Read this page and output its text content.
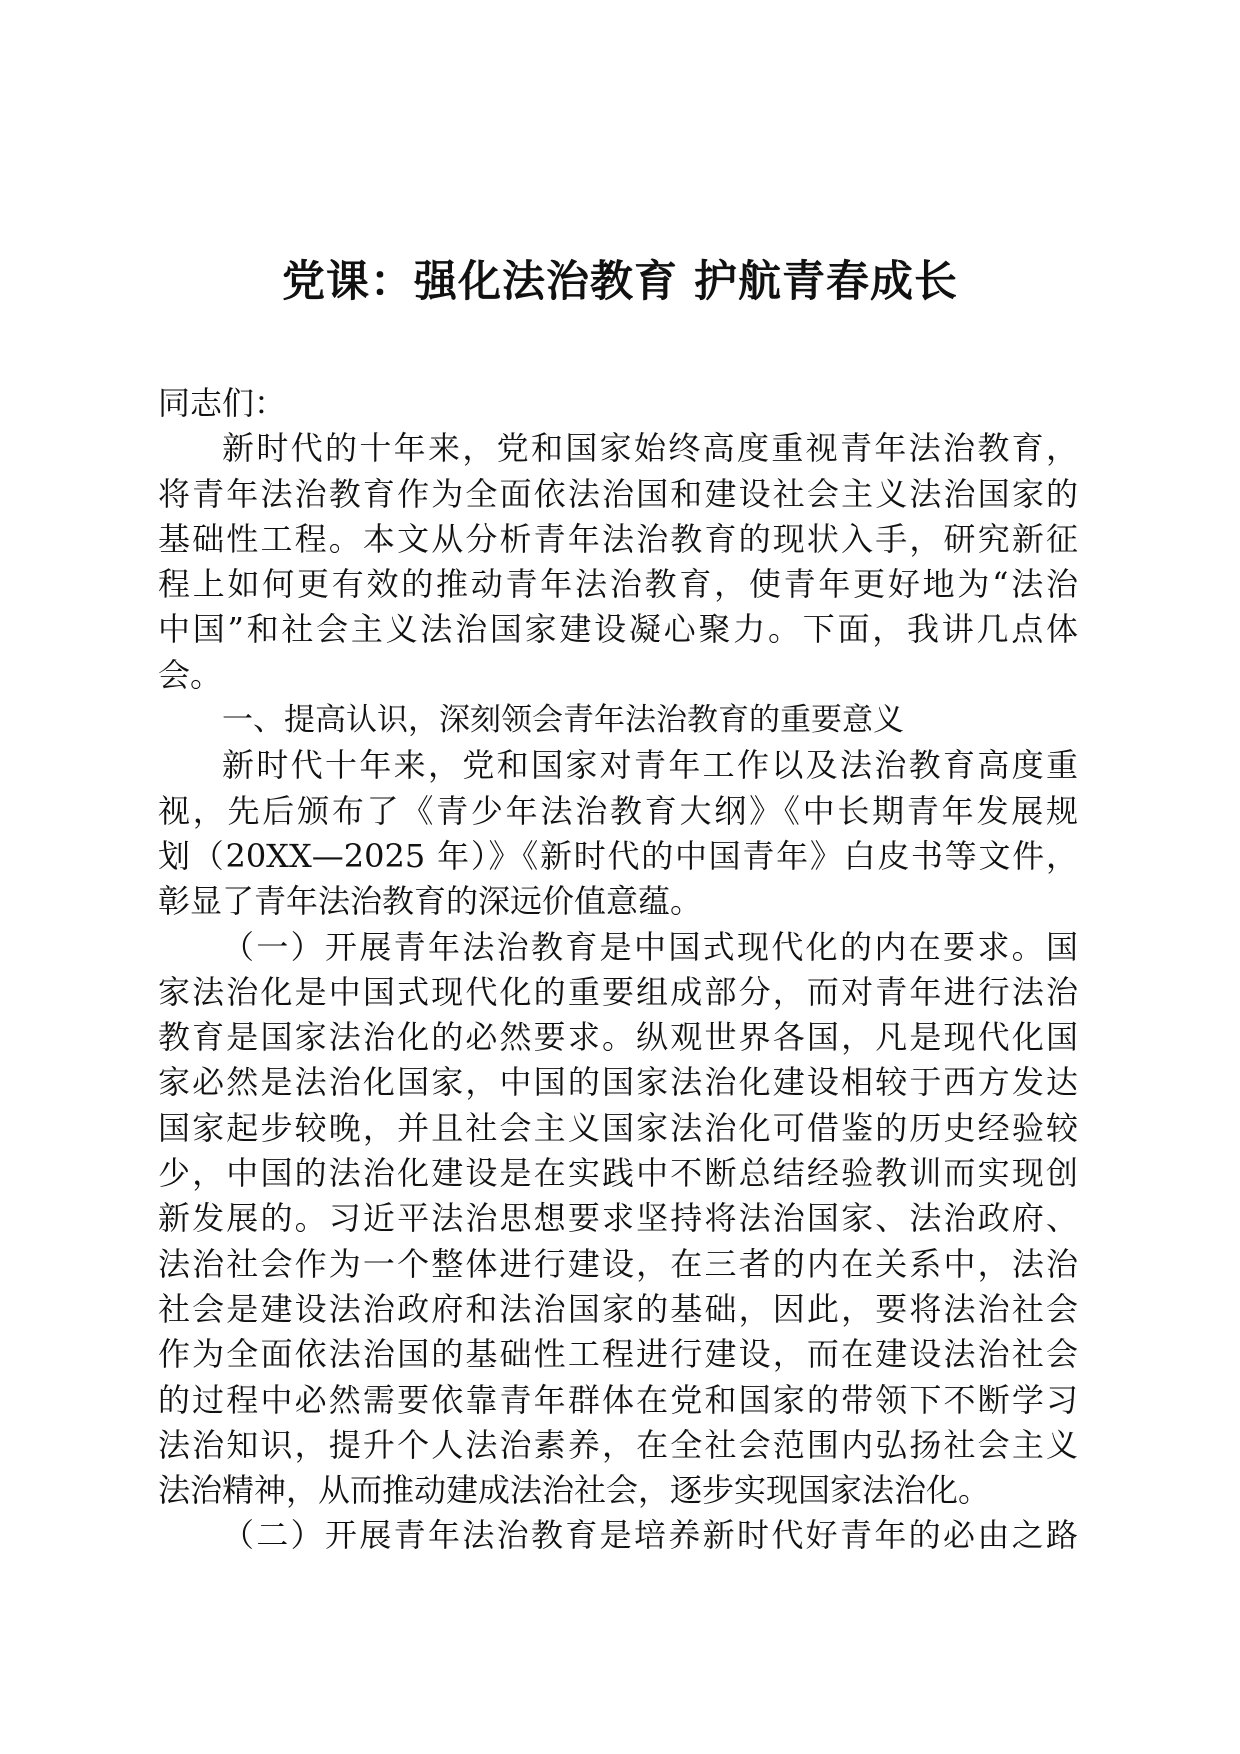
党课：强化法治教育 护航青春成长
同志们：
新时代的十年来，党和国家始终高度重视青年法治教育，
将青年法治教育作为全面依法治国和建设社会主义法治国家的
基础性工程。本文从分析青年法治教育的现状入手，研究新征
程上如何更有效的推动青年法治教育，使青年更好地为“法治
中国”和社会主义法治国家建设凝心聚力。下面，我讲几点体
会。
一、提高认识，深刻领会青年法治教育的重要意义
新时代十年来，党和国家对青年工作以及法治教育高度重
视，先后颁布了《青少年法治教育大纲》《中长期青年发展规
划（20XX—2025 年）》《新时代的中国青年》白皮书等文件，
彰显了青年法治教育的深远价值意蕴。
（一）开展青年法治教育是中国式现代化的内在要求。国
家法治化是中国式现代化的重要组成部分，而对青年进行法治
教育是国家法治化的必然要求。纵观世界各国，凡是现代化国
家必然是法治化国家，中国的国家法治化建设相较于西方发达
国家起步较晚，并且社会主义国家法治化可借鉴的历史经验较
少，中国的法治化建设是在实践中不断总结经验教训而实现创
新发展的。习近平法治思想要求坚持将法治国家、法治政府、
法治社会作为一个整体进行建设，在三者的内在关系中，法治
社会是建设法治政府和法治国家的基础，因此，要将法治社会
作为全面依法治国的基础性工程进行建设，而在建设法治社会
的过程中必然需要依靠青年群体在党和国家的带领下不断学习
法治知识，提升个人法治素养，在全社会范围内弘扬社会主义
法治精神，从而推动建成法治社会，逐步实现国家法治化。
（二）开展青年法治教育是培养新时代好青年的必由之路
